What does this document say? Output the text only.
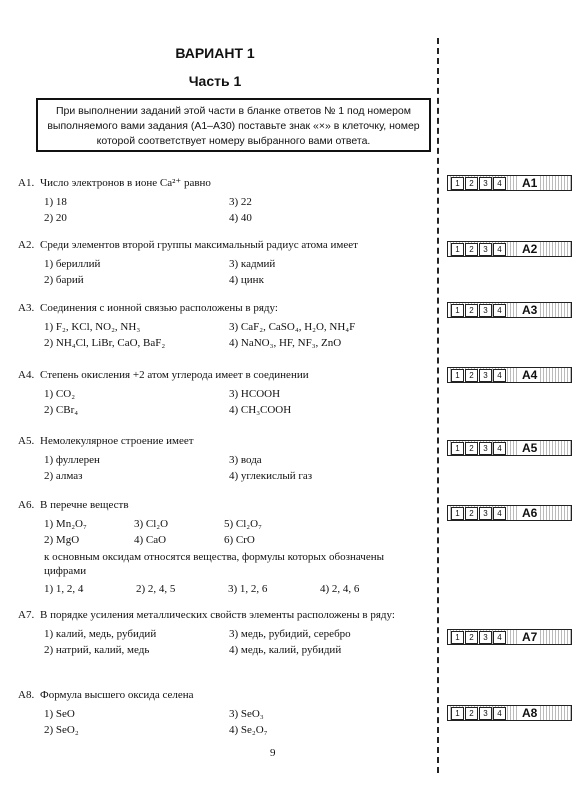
ВАРИАНТ 1
Часть 1
При выполнении заданий этой части в бланке ответов № 1 под номером выполняемого вами задания (А1–А30) поставьте знак «×» в клеточку, номер которой соответствует номеру выбранного вами ответа.
A1. Число электронов в ионе Ca²⁺ равно
1) 18	3) 22
2) 20	4) 40
1	2	3	4	A1
A2. Среди элементов второй группы максимальный радиус атома имеет
1) бериллий	3) кадмий
2) барий	4) цинк
1	2	3	4	A2
A3. Соединения с ионной связью расположены в ряду:
1) F₂, KCl, NO₂, NH₃	3) CaF₂, CaSO₄, H₂O, NH₄F
2) NH₄Cl, LiBr, CaO, BaF₂	4) NaNO₃, HF, NF₃, ZnO
1	2	3	4	A3
A4. Степень окисления +2 атом углерода имеет в соединении
1) CO₂	3) HCOOH
2) CBr₄	4) CH₃COOH
1	2	3	4	A4
A5. Немолекулярное строение имеет
1) фуллерен	3) вода
2) алмаз	4) углекислый газ
1	2	3	4	A5
A6. В перечне веществ
1) Mn₂O₇	3) Cl₂O	5) Cl₂O₇
2) MgO	4) CaO	6) CrO
к основным оксидам относятся вещества, формулы которых обозначены цифрами
1) 1, 2, 4	2) 2, 4, 5	3) 1, 2, 6	4) 2, 4, 6
1	2	3	4	A6
A7. В порядке усиления металлических свойств элементы расположены в ряду:
1) калий, медь, рубидий	3) медь, рубидий, серебро
2) натрий, калий, медь	4) медь, калий, рубидий
1	2	3	4	A7
A8. Формула высшего оксида селена
1) SeO	3) SeO₃
2) SeO₂	4) Se₂O₇
1	2	3	4	A8
9
